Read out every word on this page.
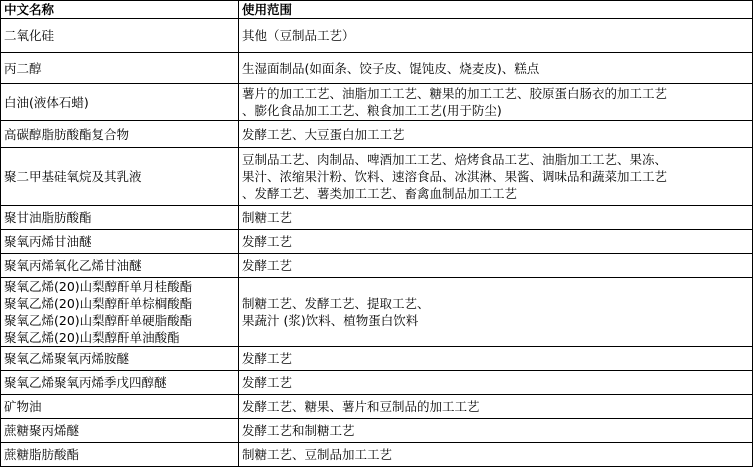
中文名称	使用范围

二氧化硅	其他（豆制品工艺）

丙二醇	生湿面制品(如面条、饺子皮、馄饨皮、烧麦皮)、糕点

白油(液体石蜡)	薯片的加工工艺、油脂加工工艺、糖果的加工工艺、胶原蛋白肠衣的加工工艺
、膨化食品加工工艺、粮食加工工艺(用于防尘)

高碳醇脂肪酸酯复合物	发酵工艺、大豆蛋白加工工艺

聚二甲基硅氧烷及其乳液	豆制品工艺、肉制品、啤酒加工工艺、焙烤食品工艺、油脂加工工艺、果冻、
果汁、浓缩果汁粉、饮料、速溶食品、冰淇淋、果酱、调味品和蔬菜加工工艺
、发酵工艺、薯类加工工艺、畜禽血制品加工工艺

聚甘油脂肪酸酯	制糖工艺

聚氧丙烯甘油醚	发酵工艺

聚氧丙烯氧化乙烯甘油醚	发酵工艺

聚氧乙烯(20)山梨醇酐单月桂酸酯
聚氧乙烯(20)山梨醇酐单棕榈酸酯
聚氧乙烯(20)山梨醇酐单硬脂酸酯
聚氧乙烯(20)山梨醇酐单油酸酯	制糖工艺、发酵工艺、提取工艺、
果蔬汁 (浆)饮料、植物蛋白饮料

聚氧乙烯聚氧丙烯胺醚	发酵工艺

聚氧乙烯聚氧丙烯季戊四醇醚	发酵工艺

矿物油	发酵工艺、糖果、薯片和豆制品的加工工艺

蔗糖聚丙烯醚	发酵工艺和制糖工艺

蔗糖脂肪酸酯	制糖工艺、豆制品加工工艺
